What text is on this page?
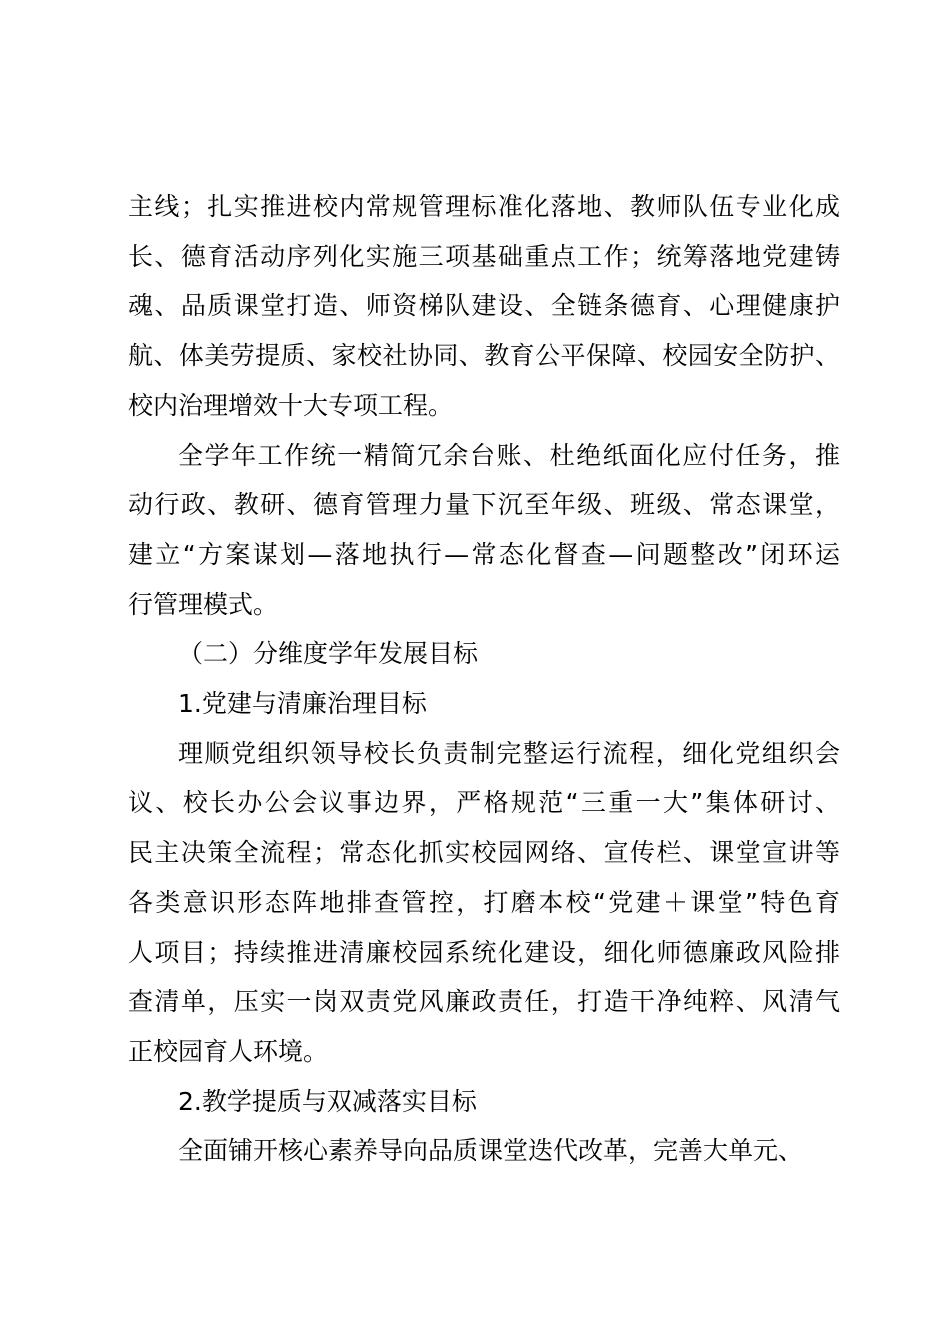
主线；扎实推进校内常规管理标准化落地、教师队伍专业化成
长、德育活动序列化实施三项基础重点工作；统筹落地党建铸
魂、品质课堂打造、师资梯队建设、全链条德育、心理健康护
航、体美劳提质、家校社协同、教育公平保障、校园安全防护、
校内治理增效十大专项工程。

全学年工作统一精简冗余台账、杜绝纸面化应付任务，推
动行政、教研、德育管理力量下沉至年级、班级、常态课堂，
建立“方案谋划—落地执行—常态化督查—问题整改”闭环运
行管理模式。

（二）分维度学年发展目标

1.党建与清廉治理目标

理顺党组织领导校长负责制完整运行流程，细化党组织会
议、校长办公会议事边界，严格规范“三重一大”集体研讨、
民主决策全流程；常态化抓实校园网络、宣传栏、课堂宣讲等
各类意识形态阵地排查管控，打磨本校“党建＋课堂”特色育
人项目；持续推进清廉校园系统化建设，细化师德廉政风险排
查清单，压实一岗双责党风廉政责任，打造干净纯粹、风清气
正校园育人环境。

2.教学提质与双减落实目标

全面铺开核心素养导向品质课堂迭代改革，完善大单元、
